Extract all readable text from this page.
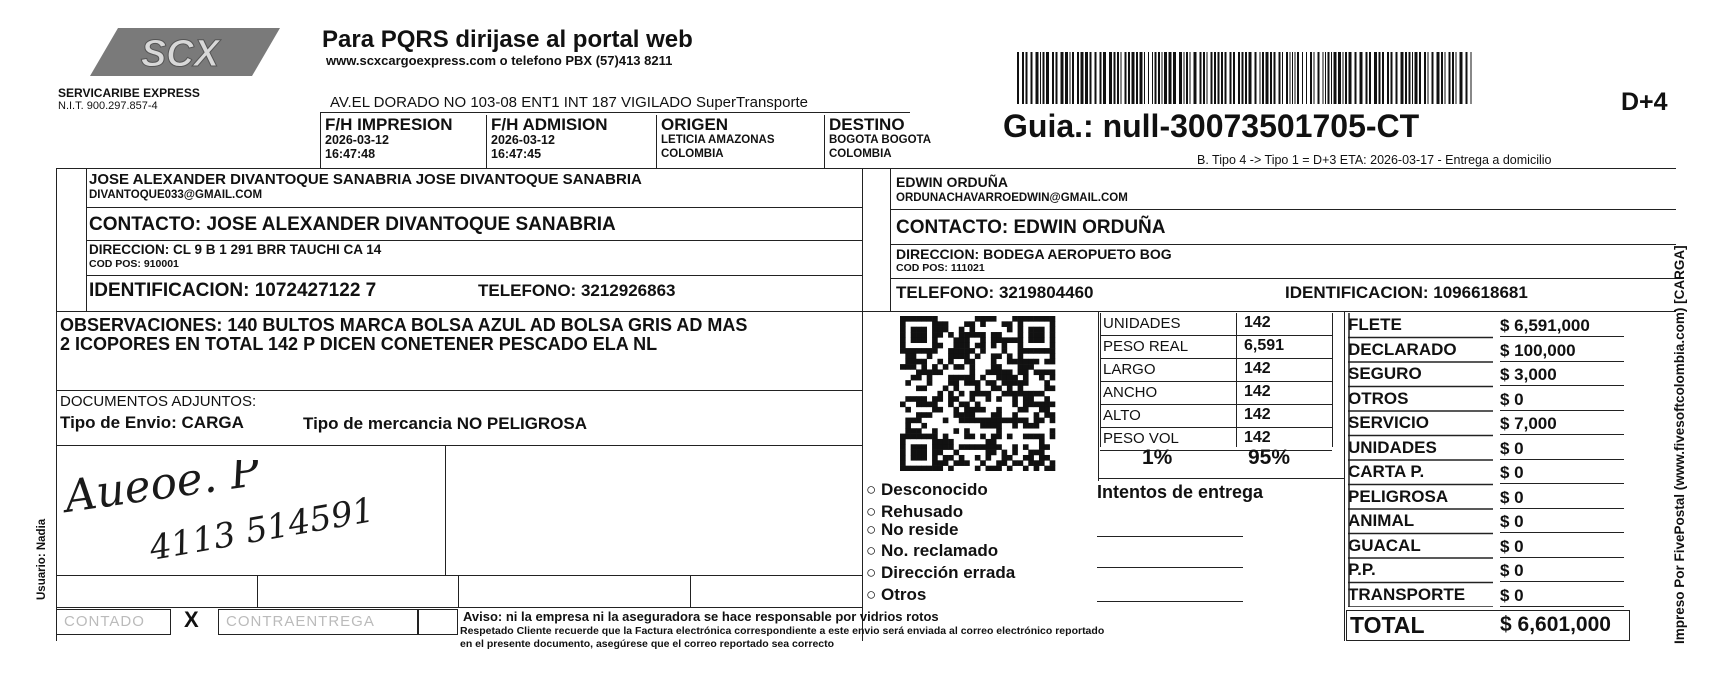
SCX
SERVICARIBE EXPRESS
N.I.T. 900.297.857-4
Para PQRS dirijase al portal web
www.scxcargoexpress.com o telefono PBX (57)413 8211
AV.EL DORADO NO 103-08 ENT1 INT 187 VIGILADO SuperTransporte
F/H IMPRESION
2026-03-12
16:47:48
F/H ADMISION
2026-03-12
16:47:45
ORIGEN
LETICIA AMAZONAS
COLOMBIA
DESTINO
BOGOTA BOGOTA
COLOMBIA
Guia.: null-30073501705-CT
D+4
B. Tipo 4 -> Tipo 1 = D+3 ETA: 2026-03-17 - Entrega a domicilio
JOSE ALEXANDER DIVANTOQUE SANABRIA JOSE DIVANTOQUE SANABRIA
DIVANTOQUE033@GMAIL.COM
CONTACTO: JOSE ALEXANDER DIVANTOQUE SANABRIA
DIRECCION: CL 9 B 1 291 BRR TAUCHI CA 14
COD POS: 910001
IDENTIFICACION: 1072427122 7	TELEFONO: 3212926863
EDWIN ORDUÑA
ORDUNACHAVARROEDWIN@GMAIL.COM
CONTACTO: EDWIN ORDUÑA
DIRECCION: BODEGA AEROPUETO BOG
COD POS: 111021
TELEFONO: 3219804460	IDENTIFICACION: 1096618681
OBSERVACIONES: 140 BULTOS MARCA BOLSA AZUL AD BOLSA GRIS AD MAS
2 ICOPORES EN TOTAL 142 P DICEN CONETENER PESCADO ELA NL
DOCUMENTOS ADJUNTOS:
Tipo de Envio: CARGA	Tipo de mercancia NO PELIGROSA
Aueoe. P
4113 514591
CONTADO X CONTRAENTREGA	Aviso: ni la empresa ni la aseguradora se hace responsable por vidrios rotos
Respetado Cliente recuerde que la Factura electrónica correspondiente a este envio será enviada al correo electrónico reportado
en el presente documento, asegúrese que el correo reportado sea correcto
UNIDADES	142
PESO REAL	6,591
LARGO	142
ANCHO	142
ALTO	142
PESO VOL	142
1%	95%
○ Desconocido
○ Rehusado
○ No reside
○ No. reclamado
○ Dirección errada
○ Otros
Intentos de entrega
FLETE	$ 6,591,000
DECLARADO	$ 100,000
SEGURO	$ 3,000
OTROS	$ 0
SERVICIO	$ 7,000
UNIDADES	$ 0
CARTA P.	$ 0
PELIGROSA	$ 0
ANIMAL	$ 0
GUACAL	$ 0
P.P.	$ 0
TRANSPORTE $ 0
TOTAL	$ 6,601,000
Usuario: Nadia	Impreso Por FivePostal (www.fivesoftcolombia.com) [CARGA]
